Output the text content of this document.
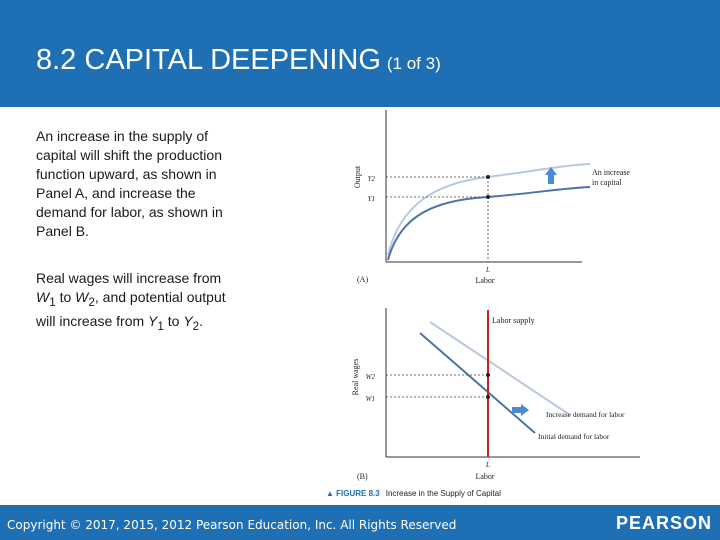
8.2 CAPITAL DEEPENING (1 of 3)
An increase in the supply of capital will shift the production function upward, as shown in Panel A, and increase the demand for labor, as shown in Panel B.
Real wages will increase from $W_1$ to $W_2$, and potential output will increase from $Y_1$ to $Y_2$.
Output Y2
Y1
An increase
in capital
L
Labor
(A)
Real wages W2
W1
Labor supply
Increase demand for labor
Initial demand for labor
L
Labor
(B)
▲ FIGURE 8.3 Increase in the Supply of Capital
Copyright © 2017, 2015, 2012 Pearson Education, Inc. All Rights Reserved	PEARSON
